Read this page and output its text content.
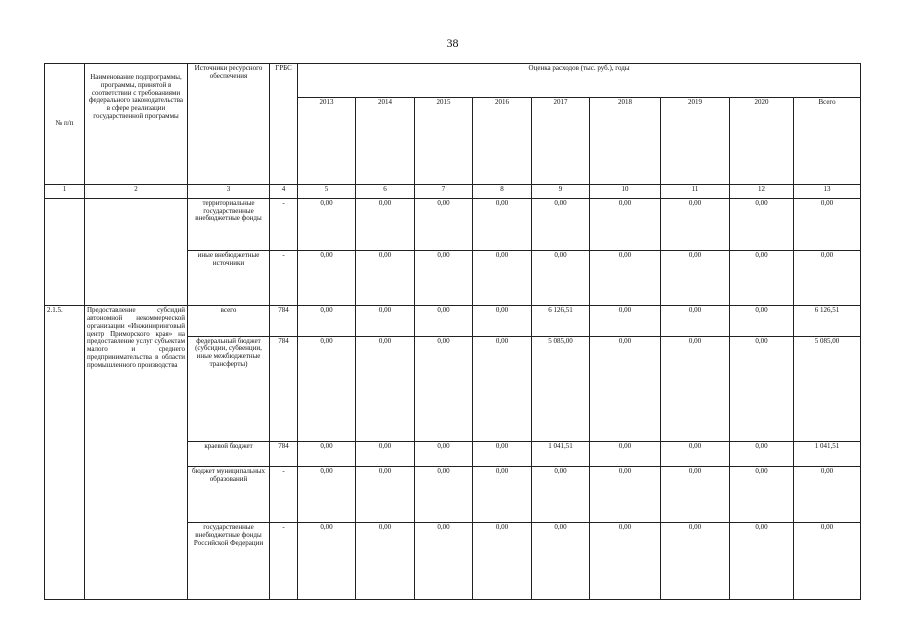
38
№ п/п	Наименование подпрограммы, программы, принятой в соответствии с требованиями федерального законодательства в сфере реализации государственной программы	Источники ресурсного обеспечения	ГРБС	Оценка расходов (тыс. руб.), годы								
				2013	2014	2015	2016	2017	2018	2019	2020	Всего
1	2	3	4	5	6	7	8	9	10	11	12	13
		территориальные государственные внебюджетные фонды	-	0,00	0,00	0,00	0,00	0,00	0,00	0,00	0,00	0,00
		иные внебюджетные источники	-	0,00	0,00	0,00	0,00	0,00	0,00	0,00	0,00	0,00
2.1.5.	Предоставление субсидий автономной некоммерческой организации «Инжиниринговый центр Приморского края» на предоставление услуг субъектам малого и среднего предпринимательства в области промышленного производства	всего	784	0,00	0,00	0,00	0,00	6 126,51	0,00	0,00	0,00	6 126,51
		федеральный бюджет (субсидии, субвенции, иные межбюджетные трансферты)	784	0,00	0,00	0,00	0,00	5 085,00	0,00	0,00	0,00	5 085,00
		краевой бюджет	784	0,00	0,00	0,00	0,00	1 041,51	0,00	0,00	0,00	1 041,51
		бюджет муниципальных образований	-	0,00	0,00	0,00	0,00	0,00	0,00	0,00	0,00	0,00
		государственные внебюджетные фонды Российской Федерации	-	0,00	0,00	0,00	0,00	0,00	0,00	0,00	0,00	0,00
